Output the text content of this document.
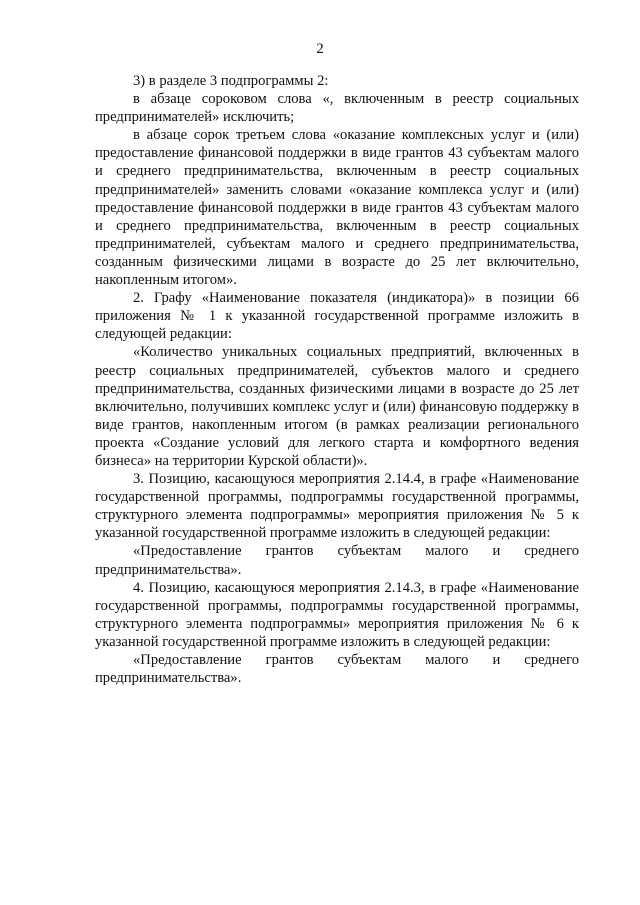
2

3) в разделе 3 подпрограммы 2:

в абзаце сороковом слова «, включенным в реестр социальных предпринимателей» исключить;

в абзаце сорок третьем слова «оказание комплексных услуг и (или) предоставление финансовой поддержки в виде грантов 43 субъектам малого и среднего предпринимательства, включенным в реестр социальных предпринимателей» заменить словами «оказание комплекса услуг и (или) предоставление финансовой поддержки в виде грантов 43 субъектам малого и среднего предпринимательства, включенным в реестр социальных предпринимателей, субъектам малого и среднего предпринимательства, созданным физическими лицами в возрасте до 25 лет включительно, накопленным итогом».

2. Графу «Наименование показателя (индикатора)» в позиции 66 приложения № 1 к указанной государственной программе изложить в следующей редакции:

«Количество уникальных социальных предприятий, включенных в реестр социальных предпринимателей, субъектов малого и среднего предпринимательства, созданных физическими лицами в возрасте до 25 лет включительно, получивших комплекс услуг и (или) финансовую поддержку в виде грантов, накопленным итогом (в рамках реализации регионального проекта «Создание условий для легкого старта и комфортного ведения бизнеса» на территории Курской области)».

3. Позицию, касающуюся мероприятия 2.14.4, в графе «Наименование государственной программы, подпрограммы государственной программы, структурного элемента подпрограммы» мероприятия приложения № 5 к указанной государственной программе изложить в следующей редакции:

«Предоставление грантов субъектам малого и среднего предпринимательства».

4. Позицию, касающуюся мероприятия 2.14.3, в графе «Наименование государственной программы, подпрограммы государственной программы, структурного элемента подпрограммы» мероприятия приложения № 6 к указанной государственной программе изложить в следующей редакции:

«Предоставление грантов субъектам малого и среднего предпринимательства».
